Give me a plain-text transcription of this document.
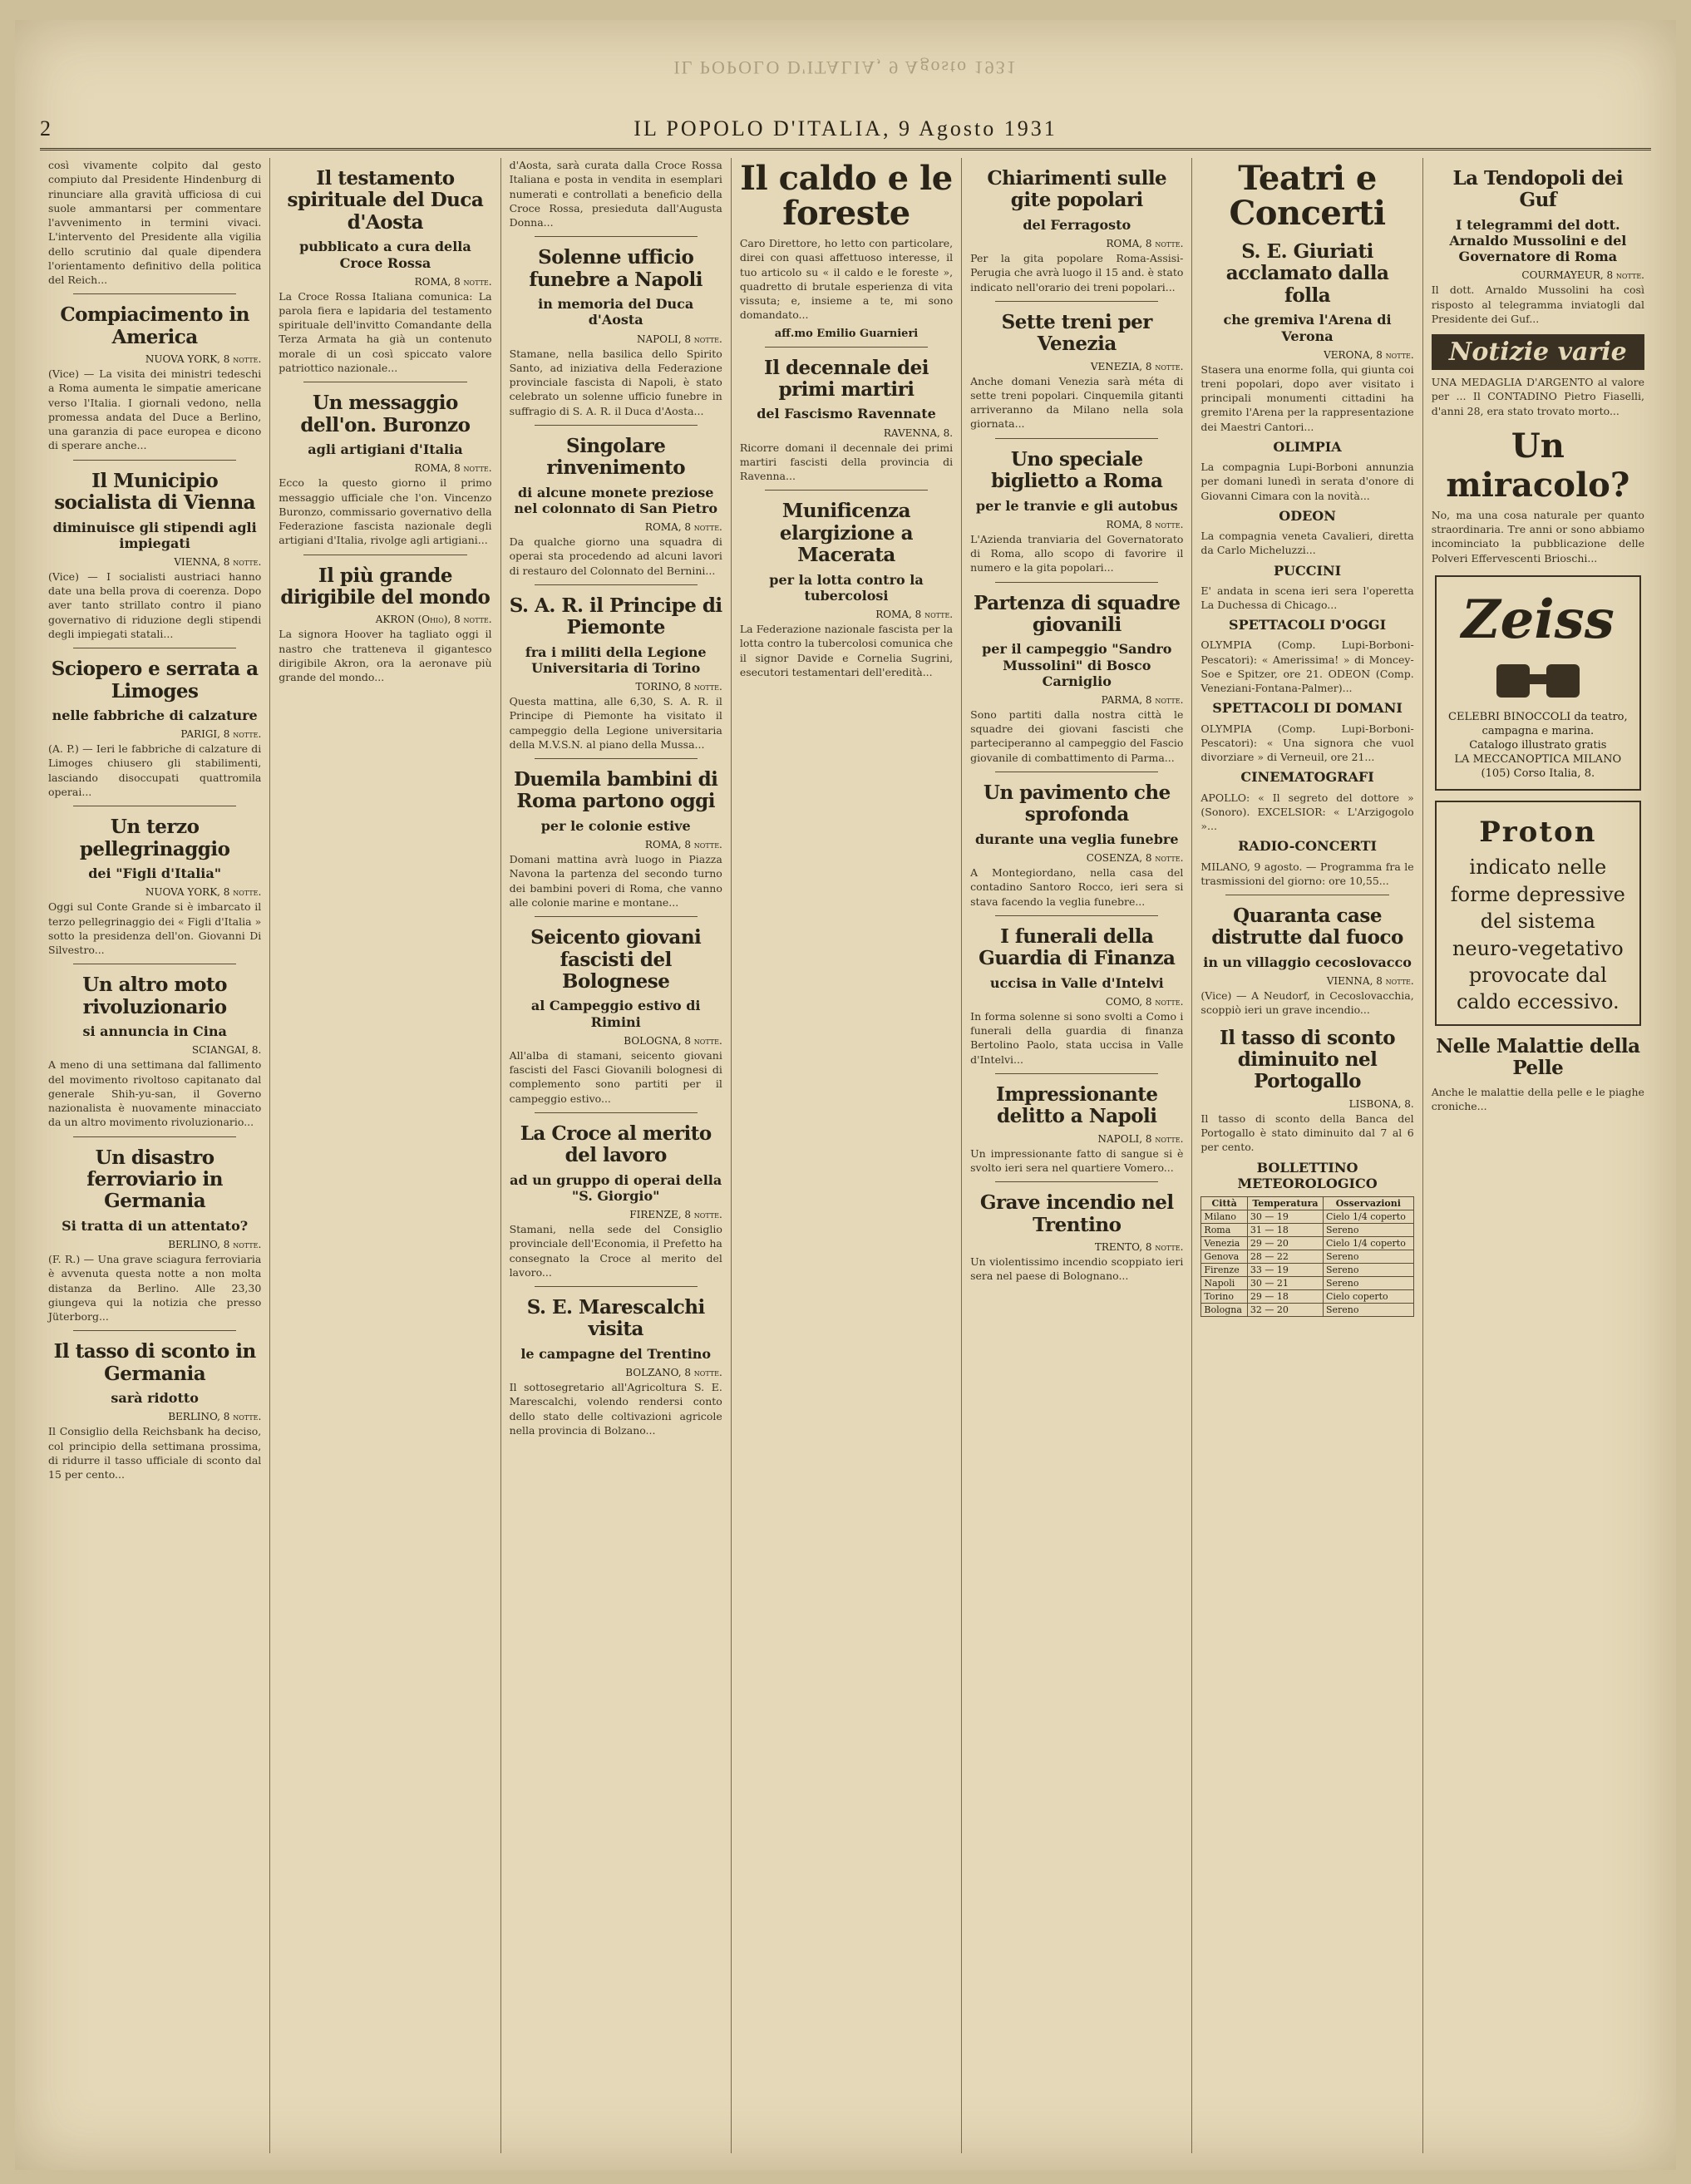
IL POPOLO D'ITALIA, 9 Agosto 1931
2	IL POPOLO D'ITALIA, 9 Agosto 1931

così vivamente colpito dal gesto compiuto dal Presidente Hindenburg di rinunciare alla gravità ufficiosa di cui suole ammantarsi per commentare l'avvenimento in termini vivaci. L'intervento del Presidente alla vigilia dello scrutinio dal quale dipendera l'orientamento definitivo della politica del Reich...

Compiacimento in America
NUOVA YORK, 8 notte.

(Vice) — La visita dei ministri tedeschi a Roma aumenta le simpatie americane verso l'Italia. I giornali vedono, nella promessa andata del Duce a Berlino, una garanzia di pace europea e dicono di sperare anche...

Il Municipio socialista di Vienna
diminuisce gli stipendi agli impiegati
VIENNA, 8 notte.

(Vice) — I socialisti austriaci hanno date una bella prova di coerenza. Dopo aver tanto strillato contro il piano governativo di riduzione degli stipendi degli impiegati statali...

Sciopero e serrata a Limoges
nelle fabbriche di calzature
PARIGI, 8 notte.

(A. P.) — Ieri le fabbriche di calzature di Limoges chiusero gli stabilimenti, lasciando disoccupati quattromila operai...

Un terzo pellegrinaggio
dei "Figli d'Italia"
NUOVA YORK, 8 notte.

Oggi sul Conte Grande si è imbarcato il terzo pellegrinaggio dei « Figli d'Italia » sotto la presidenza dell'on. Giovanni Di Silvestro...

Un altro moto rivoluzionario
si annuncia in Cina
SCIANGAI, 8.

A meno di una settimana dal fallimento del movimento rivoltoso capitanato dal generale Shih-yu-san, il Governo nazionalista è nuovamente minacciato da un altro movimento rivoluzionario...

Un disastro ferroviario in Germania
Si tratta di un attentato?
BERLINO, 8 notte.

(F. R.) — Una grave sciagura ferroviaria è avvenuta questa notte a non molta distanza da Berlino. Alle 23,30 giungeva qui la notizia che presso Jüterborg...

Il tasso di sconto in Germania
sarà ridotto
BERLINO, 8 notte.

Il Consiglio della Reichsbank ha deciso, col principio della settimana prossima, di ridurre il tasso ufficiale di sconto dal 15 per cento...

Il testamento spirituale del Duca d'Aosta
pubblicato a cura della Croce Rossa
ROMA, 8 notte.

La Croce Rossa Italiana comunica: La parola fiera e lapidaria del testamento spirituale dell'invitto Comandante della Terza Armata ha già un contenuto morale di un così spiccato valore patriottico nazionale...

Un messaggio dell'on. Buronzo
agli artigiani d'Italia
ROMA, 8 notte.

Ecco la questo giorno il primo messaggio ufficiale che l'on. Vincenzo Buronzo, commissario governativo della Federazione fascista nazionale degli artigiani d'Italia, rivolge agli artigiani...

Il più grande dirigibile del mondo
AKRON (Ohio), 8 notte.

La signora Hoover ha tagliato oggi il nastro che tratteneva il gigantesco dirigibile Akron, ora la aeronave più grande del mondo...

d'Aosta, sarà curata dalla Croce Rossa Italiana e posta in vendita in esemplari numerati e controllati a beneficio della Croce Rossa, presieduta dall'Augusta Donna...

Solenne ufficio funebre a Napoli
in memoria del Duca d'Aosta
NAPOLI, 8 notte.

Stamane, nella basilica dello Spirito Santo, ad iniziativa della Federazione provinciale fascista di Napoli, è stato celebrato un solenne ufficio funebre in suffragio di S. A. R. il Duca d'Aosta...

Singolare rinvenimento
di alcune monete preziose nel colonnato di San Pietro
ROMA, 8 notte.

Da qualche giorno una squadra di operai sta procedendo ad alcuni lavori di restauro del Colonnato del Bernini...

S. A. R. il Principe di Piemonte
fra i militi della Legione Universitaria di Torino
TORINO, 8 notte.

Questa mattina, alle 6,30, S. A. R. il Principe di Piemonte ha visitato il campeggio della Legione universitaria della M.V.S.N. al piano della Mussa...

Duemila bambini di Roma partono oggi
per le colonie estive
ROMA, 8 notte.

Domani mattina avrà luogo in Piazza Navona la partenza del secondo turno dei bambini poveri di Roma, che vanno alle colonie marine e montane...

Seicento giovani fascisti del Bolognese
al Campeggio estivo di Rimini
BOLOGNA, 8 notte.

All'alba di stamani, seicento giovani fascisti del Fasci Giovanili bolognesi di complemento sono partiti per il campeggio estivo...

La Croce al merito del lavoro
ad un gruppo di operai della "S. Giorgio"
FIRENZE, 8 notte.

Stamani, nella sede del Consiglio provinciale dell'Economia, il Prefetto ha consegnato la Croce al merito del lavoro...

S. E. Marescalchi visita
le campagne del Trentino
BOLZANO, 8 notte.

Il sottosegretario all'Agricoltura S. E. Marescalchi, volendo rendersi conto dello stato delle coltivazioni agricole nella provincia di Bolzano...

Il caldo e le foreste

Caro Direttore, ho letto con particolare, direi con quasi affettuoso interesse, il tuo articolo su « il caldo e le foreste », quadretto di brutale esperienza di vita vissuta; e, insieme a te, mi sono domandato...

aff.mo Emilio Guarnieri
Il decennale dei primi martiri
del Fascismo Ravennate
RAVENNA, 8.

Ricorre domani il decennale dei primi martiri fascisti della provincia di Ravenna...

Munificenza elargizione a Macerata
per la lotta contro la tubercolosi
ROMA, 8 notte.

La Federazione nazionale fascista per la lotta contro la tubercolosi comunica che il signor Davide e Cornelia Sugrini, esecutori testamentari dell'eredità...

Chiarimenti sulle gite popolari
del Ferragosto
ROMA, 8 notte.

Per la gita popolare Roma-Assisi-Perugia che avrà luogo il 15 and. è stato indicato nell'orario dei treni popolari...

Sette treni per Venezia
VENEZIA, 8 notte.

Anche domani Venezia sarà méta di sette treni popolari. Cinquemila gitanti arriveranno da Milano nella sola giornata...

Uno speciale biglietto a Roma
per le tranvie e gli autobus
ROMA, 8 notte.

L'Azienda tranviaria del Governatorato di Roma, allo scopo di favorire il numero e la gita popolari...

Partenza di squadre giovanili
per il campeggio "Sandro Mussolini" di Bosco Carniglio
PARMA, 8 notte.

Sono partiti dalla nostra città le squadre dei giovani fascisti che parteciperanno al campeggio del Fascio giovanile di combattimento di Parma...

Un pavimento che sprofonda
durante una veglia funebre
COSENZA, 8 notte.

A Montegiordano, nella casa del contadino Santoro Rocco, ieri sera si stava facendo la veglia funebre...

I funerali della Guardia di Finanza
uccisa in Valle d'Intelvi
COMO, 8 notte.

In forma solenne si sono svolti a Como i funerali della guardia di finanza Bertolino Paolo, stata uccisa in Valle d'Intelvi...

Impressionante delitto a Napoli
NAPOLI, 8 notte.

Un impressionante fatto di sangue si è svolto ieri sera nel quartiere Vomero...

Grave incendio nel Trentino
TRENTO, 8 notte.

Un violentissimo incendio scoppiato ieri sera nel paese di Bolognano...

Teatri e Concerti
S. E. Giuriati acclamato dalla folla
che gremiva l'Arena di Verona
VERONA, 8 notte.

Stasera una enorme folla, qui giunta coi treni popolari, dopo aver visitato i principali monumenti cittadini ha gremito l'Arena per la rappresentazione dei Maestri Cantori...

OLIMPIA

La compagnia Lupi-Borboni annunzia per domani lunedì in serata d'onore di Giovanni Cimara con la novità...

ODEON

La compagnia veneta Cavalieri, diretta da Carlo Micheluzzi...

PUCCINI

E' andata in scena ieri sera l'operetta La Duchessa di Chicago...

SPETTACOLI D'OGGI

OLYMPIA (Comp. Lupi-Borboni-Pescatori): « Amerissima! » di Moncey-Soe e Spitzer, ore 21. ODEON (Comp. Veneziani-Fontana-Palmer)...

SPETTACOLI DI DOMANI

OLYMPIA (Comp. Lupi-Borboni-Pescatori): « Una signora che vuol divorziare » di Verneuil, ore 21...

CINEMATOGRAFI

APOLLO: « Il segreto del dottore » (Sonoro). EXCELSIOR: « L'Arzigogolo »...

RADIO-CONCERTI

MILANO, 9 agosto. — Programma fra le trasmissioni del giorno: ore 10,55...

Quaranta case distrutte dal fuoco
in un villaggio cecoslovacco
VIENNA, 8 notte.

(Vice) — A Neudorf, in Cecoslovacchia, scoppiò ieri un grave incendio...

Il tasso di sconto diminuito nel Portogallo
LISBONA, 8.

Il tasso di sconto della Banca del Portogallo è stato diminuito dal 7 al 6 per cento.

BOLLETTINO METEOROLOGICO
Città	Temperatura	Osservazioni
Milano	30 — 19	Cielo 1/4 coperto
Roma	31 — 18	Sereno
Venezia	29 — 20	Cielo 1/4 coperto
Genova	28 — 22	Sereno
Firenze	33 — 19	Sereno
Napoli	30 — 21	Sereno
Torino	29 — 18	Cielo coperto
Bologna	32 — 20	Sereno
La Tendopoli dei Guf
I telegrammi del dott. Arnaldo Mussolini e del Governatore di Roma
COURMAYEUR, 8 notte.

Il dott. Arnaldo Mussolini ha così risposto al telegramma inviatogli dal Presidente dei Guf...

Notizie varie

UNA MEDAGLIA D'ARGENTO al valore per ... Il CONTADINO Pietro Fiaselli, d'anni 28, era stato trovato morto...

Un miracolo?

No, ma una cosa naturale per quanto straordinaria. Tre anni or sono abbiamo incominciato la pubblicazione delle Polveri Effervescenti Brioschi...

Zeiss
CELEBRI BINOCCOLI da teatro, campagna e marina.
Catalogo illustrato gratis
LA MECCANOPTICA MILANO (105) Corso Italia, 8.
Proton
indicato nelle forme depressive del sistema neuro-vegetativo provocate dal caldo eccessivo.
Nelle Malattie della Pelle

Anche le malattie della pelle e le piaghe croniche...
